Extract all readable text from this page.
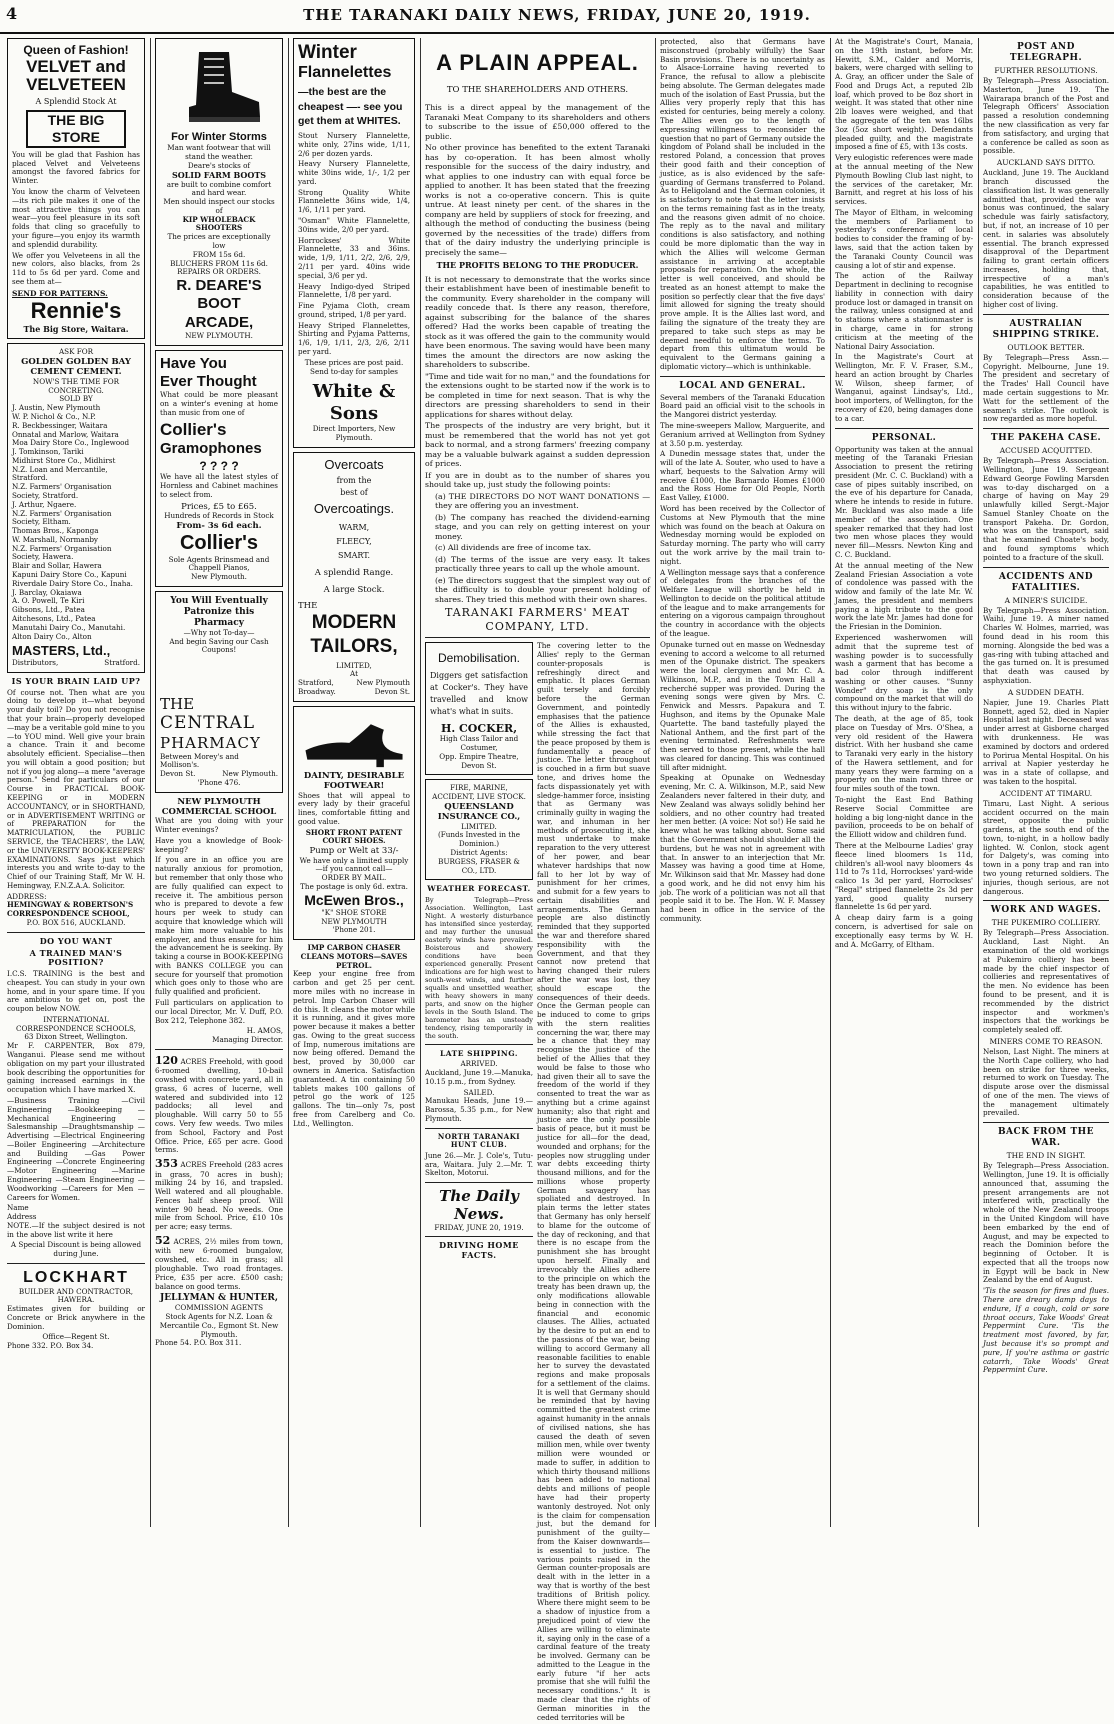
4	THE TARANAKI DAILY NEWS, FRIDAY, JUNE 20, 1919.
Queen of Fashion!
VELVET and
VELVETEEN
A Splendid Stock At
THE BIG STORE

You will be glad that Fashion has placed Velvet and Velveteens amongst the favored fabrics for Winter.

You know the charm of Velveteen—its rich pile makes it one of the most attractive things you can wear—you feel pleasure in its soft folds that cling so gracefully to your figure—you enjoy its warmth and splendid durability.

We offer you Velveteens in all the new colors, also blacks, from 2s 11d to 5s 6d per yard. Come and see them at—

SEND FOR PATTERNS.
Rennie's
The Big Store, Waitara.
ASK FOR
GOLDEN GOLDEN BAY CEMENT CEMENT.
NOW'S THE TIME FOR CONCRETING.
SOLD BY
J. Austin, New Plymouth
W. P. Nichol & Co., N.P.
R. Beckbessinger, Waitara
Onnatal and Marlow, Waitara
Moa Dairy Store Co., Inglewood
J. Tomkinson, Tariki
Midhirst Store Co., Midhirst
N.Z. Loan and Mercantile, Stratford.
N.Z. Farmers' Organisation Society, Stratford.
J. Arthur, Ngaere.
N.Z. Farmers' Organisation Society, Eltham.
Thomas Bros., Kaponga
W. Marshall, Normanby
N.Z. Farmers' Organisation Society, Hawera.
Blair and Sollar, Hawera
Kapuni Dairy Store Co., Kapuni
Riverdale Dairy Store Co., Inaha.
J. Barclay, Okaiawa
A. O. Powell, Te Kiri
Gibsons, Ltd., Patea
Aitchesons, Ltd., Patea
Manutahi Dairy Co., Manutahi.
Alton Dairy Co., Alton
MASTERS, Ltd.,
Distributors,	Stratford.
IS YOUR BRAIN LAID UP?

Of course not. Then what are you doing to develop it—what beyond your daily toil? Do you not recognise that your brain—properly developed—may be a veritable gold mine to you—to YOU mind. Well give your brain a chance. Train it and become absolutely efficient. Specialise—then you will obtain a good position; but not if you jog along—a mere "average person." Send for particulars of our Course in PRACTICAL BOOK-KEEPING or in MODERN ACCOUNTANCY, or in SHORTHAND, or in ADVERTISEMENT WRITING or of PREPARATION for the MATRICULATION, the PUBLIC SERVICE, the TEACHERS', the LAW, or the UNIVERSITY BOOK-KEEPERS' EXAMINATIONS. Says just which interests you and write to-day to the Chief of our Training Staff, Mr W. H. Hemingway, F.N.Z.A.A. Solicitor.

ADDRESS:
HEMINGWAY & ROBERTSON'S
CORRESPONDENCE SCHOOL,
P.O. BOX 516, AUCKLAND.
DO YOU WANT
A TRAINED MAN'S POSITION?

I.C.S. TRAINING is the best and cheapest. You can study in your own home, and in your spare time. If you are ambitious to get on, post the coupon below NOW.

INTERNATIONAL CORRESPONDENCE SCHOOLS,
63 Dixon Street, Wellington.

Mr F. CARPENTER, Box 879, Wanganui. Please send me without obligation on my part your illustrated book describing the opportunities for gaining increased earnings in the occupation which I have marked X.

—Business Training —Civil Engineering —Bookkeeping —Mechanical Engineering —Salesmanship —Draughtsmanship —Advertising —Electrical Engineering —Boiler Engineering —Architecture and Building —Gas Power Engineering —Concrete Engineering —Motor Engineering —Marine Engineering —Steam Engineering —Woodworking —Careers for Men —Careers for Women.

Name
Address

NOTE.—If the subject desired is not in the above list write it here

A Special Discount is being allowed during June.
LOCKHART
BUILDER AND CONTRACTOR,
HAWERA.

Estimates given for building or Concrete or Brick anywhere in the Dominion.

Office—Regent St.
Phone 332. P.O. Box 34.
For Winter Storms
Man want footwear that will stand the weather.
Deare's stocks of
SOLID FARM BOOTS
are built to combine comfort and hard wear.
Men should inspect our stocks of
KIP WHOLEBACK SHOOTERS
The prices are exceptionally low
FROM 15s 6d.
BLUCHERS FROM 11s 6d.
REPAIRS OR ORDERS.
R. DEARE'S
BOOT
ARCADE,
NEW PLYMOUTH.
Have You
Ever Thought

What could be more pleasant on a winter's evening at home than music from one of

Collier's
Gramophones
? ? ? ?

We have all the latest styles of Hornless and Cabinet machines to select from.

Prices, £5 to £65.
Hundreds of Records in Stock
From- 3s 6d each.
Collier's
Sole Agents Brinsmead and Chappell Pianos,
New Plymouth.
You Will Eventually
Patronize this Pharmacy
—Why not To-day—
And begin Saving our Cash Coupons!
THE
CENTRAL
PHARMACY
Between Morey's and Mollison's.
Devon St.	New Plymouth.
'Phone 476.
NEW PLYMOUTH COMMERCIAL SCHOOL

What are you doing with your Winter evenings?

Have you a knowledge of Book-keeping?

If you are in an office you are naturally anxious for promotion, but remember that only those who are fully qualified can expect to receive it. The ambitious person who is prepared to devote a few hours per week to study can acquire that knowledge which will make him more valuable to his employer, and thus ensure for him the advancement he is seeking. By taking a course in BOOK-KEEPING with BANKS COLLEGE you can secure for yourself that promotion which goes only to those who are fully qualified and proficient.

Full particulars on application to our local Director, Mr. V. Duff, P.O. Box 212, Telephone 382.

H. AMOS,
Managing Director.

120 ACRES Freehold, with good 6-roomed dwelling, 10-bail cowshed with concrete yard, all in grass, 6 acres of lucerne, well watered and subdivided into 12 paddocks; all level and ploughable. Will carry 50 to 55 cows. Very few weeds. Two miles from School, Factory and Post Office. Price, £65 per acre. Good terms.

353 ACRES Freehold (283 acres in grass, 70 acres in bush); milking 24 by 16, and trapsled. Well watered and all ploughable. Fences half sheep proof. Will winter 90 head. No weeds. One mile from School. Price, £10 10s per acre; easy terms.

52 ACRES, 2½ miles from town, with new 6-roomed bungalow, cowshed, etc. All in grass; all ploughable. Two road frontages. Price, £35 per acre. £500 cash; balance on good terms.

JELLYMAN & HUNTER,
COMMISSION AGENTS
Stock Agents for N.Z. Loan & Mercantile Co., Egmont St. New Plymouth.
Phone 54. P.O. Box 311.
Winter
Flannelettes
—the best are the cheapest —- see you get them at WHITES.

Stout Nursery Flannelette, white only, 27ins wide, 1/11, 2/6 per dozen yards.

Heavy Nursery Flannelette, white 30ins wide, 1/-, 1/2 per yard.

Strong Quality White Flannelette 36ins wide, 1/4, 1/6, 1/11 per yard.

"Osman" White Flannelette, 30ins wide, 2/0 per yard.

Horrockses' White Flannelette, 33 and 36ins. wide, 1/9, 1/11, 2/2, 2/6, 2/9, 2/11 per yard. 40ins wide special, 3/6 per yd.

Heavy Indigo-dyed Striped Flannelette, 1/8 per yard.

Fine Pyjama Cloth, cream ground, striped, 1/8 per yard.

Heavy Striped Flannelettes, Shirting and Pyjama Patterns, 1/6, 1/9, 1/11, 2/3, 2/6, 2/11 per yard.

These prices are post paid.
Send to-day for samples
White & Sons
Direct Importers, New Plymouth.
Overcoats
from the
best of
Overcoatings.
WARM,
FLEECY,
SMART.
A splendid Range.
A large Stock.
THE
MODERN
TAILORS,
LIMITED,
At
Stratford,	New Plymouth
Broadway.	Devon St.
DAINTY, DESIRABLE FOOTWEAR!

Shoes that will appeal to every lady by their graceful lines, comfortable fitting and good value.

SHORT FRONT PATENT COURT SHOES.
Pump or Welt at 33/-
We have only a limited supply—if you cannot call—
ORDER BY MAIL.
The postage is only 6d. extra.
McEwen Bros.,
"K" SHOE STORE
NEW PLYMOUTH
'Phone 201.
IMP CARBON CHASER CLEANS MOTORS—SAVES PETROL.

Keep your engine free from carbon and get 25 per cent. more miles with no increase in petrol. Imp Carbon Chaser will do this. It cleans the motor while it is running, and it gives more power because it makes a better gas. Owing to the great success of Imp, numerous imitations are now being offered. Demand the best, proved by 30,000 car owners in America. Satisfaction guaranteed. A tin containing 50 tablets makes 100 gallons of petrol go the work of 125 gallons. The tin—only 7s, post free from Carelberg and Co. Ltd., Wellington.

A PLAIN APPEAL.
TO THE SHAREHOLDERS AND OTHERS.

This is a direct appeal by the management of the Taranaki Meat Company to its shareholders and others to subscribe to the issue of £50,000 offered to the public.

No other province has benefited to the extent Taranaki has by co-operation. It has been almost wholly responsible for the success of the dairy industry, and what applies to one industry can with equal force be applied to another. It has been stated that the freezing works is not a co-operative concern. This is quite untrue. At least ninety per cent. of the shares in the company are held by suppliers of stock for freezing, and although the method of conducting the business (being governed by the necessities of the trade) differs from that of the dairy industry the underlying principle is precisely the same—

THE PROFITS BELONG TO THE PRODUCER.

It is not necessary to demonstrate that the works since their establishment have been of inestimable benefit to the community. Every shareholder in the company will readily concede that. Is there any reason, therefore, against subscribing for the balance of the shares offered? Had the works been capable of treating the stock as it was offered the gain to the community would have been enormous. The saving would have been many times the amount the directors are now asking the shareholders to subscribe.

"Time and tide wait for no man," and the foundations for the extensions ought to be started now if the work is to be completed in time for next season. That is why the directors are pressing shareholders to send in their applications for shares without delay.

The prospects of the industry are very bright, but it must be remembered that the world has not yet got back to normal, and a strong farmers' freezing company may be a valuable bulwark against a sudden depression of prices.

If you are in doubt as to the number of shares you should take up, just study the following points:

(a) THE DIRECTORS DO NOT WANT DONATIONS —they are offering you an investment.

(b) The company has reached the dividend-earning stage, and you can rely on getting interest on your money.

(c) All dividends are free of income tax.

(d) The terms of the issue are very easy. It takes practically three years to call up the whole amount.

(e) The directors suggest that the simplest way out of the difficulty is to double your present holding of shares. They tried this method with their own shares.

TARANAKI FARMERS' MEAT
COMPANY, LTD.
Demobilisation.

Diggers get satisfaction at Cocker's. They have travelled and know what's what in suits.

H. COCKER,
High Class Tailor and Costumer,
Opp. Empire Theatre, Devon St.
FIRE, MARINE, ACCIDENT, LIVE STOCK.
QUEENSLAND INSURANCE CO.,
LIMITED.
(Funds Invested in the Dominion.)
District Agents:
BURGESS, FRASER & CO., LTD.
WEATHER FORECAST.

By Telegraph—Press Association. Wellington, Last Night. A westerly disturbance has intensified since yesterday, and may further the unusual easterly winds have prevailed. Boisterous and showery conditions have been experienced generally. Present indications are for high west to south-west winds, and further squalls and unsettled weather, with heavy showers in many parts, and snow on the higher levels in the South Island. The barometer has an unsteady tendency, rising temporarily in the south.

LATE SHIPPING.
ARRIVED.

Auckland, June 19.—Manuka, 10.15 p.m., from Sydney.

SAILED.

Manukau Heads, June 19.—Barossa, 5.35 p.m., for New Plymouth.

NORTH TARANAKI HUNT CLUB.

June 26.—Mr. J. Cole's, Tutu-ara, Waitara. July 2.—Mr. T. Skelton, Motorui.

The Daily News.
FRIDAY, JUNE 20, 1919.
DRIVING HOME FACTS.

The covering letter to the Allies' reply to the German counter-proposals is refreshingly direct and emphatic. It places German guilt tersely and forcibly before the German Government, and pointedly emphasises that the patience of the Allies is exhausted, while stressing the fact that the peace proposed by them is fundamentally a peace of justice. The letter throughout is couched in a firm but suave tone, and drives home the facts dispassionately yet with sledge-hammer force, insisting that as Germany was criminally guilty in waging the war, and inhuman in her methods of prosecuting it, she must undertake to make reparation to the very utterest of her power, and bear whatever hardships that now fall to her lot by way of punishment for her crimes, and submit for a few years to certain disabilities and arrangements. The German people are also distinctly reminded that they supported the war and therefore shared responsibility with the Government, and that they cannot now pretend that having changed their rulers after the war was lost, they should escape the consequences of their deeds. Once the German people can be induced to come to grips with the stern realities concerning the war, there may be a chance that they may recognise the justice of the belief of the Allies that they would be false to those who had given their all to save the freedom of the world if they consented to treat the war as anything but a crime against humanity; also that right and justice are the only possible basis of peace, but it must be justice for all—for the dead, wounded and orphans; for the peoples now struggling under war debts exceeding thirty thousand millions, and for the millions whose property German savagery has spoliated and destroyed. In plain terms the letter states that Germany has only herself to blame for the outcome of the day of reckoning, and that there is no escape from the punishment she has brought upon herself. Finally and irrevocably the Allies adhere to the principle on which the treaty has been drawn up, the only modifications allowable being in connection with the financial and economic clauses. The Allies, actuated by the desire to put an end to the passions of the war, being willing to accord Germany all reasonable facilities to enable her to survey the devastated regions and make proposals for a settlement of the claims. It is well that Germany should be reminded that by having committed the greatest crime against humanity in the annals of civilised nations, she has caused the death of seven million men, while over twenty million were wounded or made to suffer, in addition to which thirty thousand millions has been added to national debts and millions of people have had their property wantonly destroyed. Not only is the claim for compensation just, but the demand for punishment of the guilty—from the Kaiser downwards—is essential to justice. The various points raised in the German counter-proposals are dealt with in the letter in a way that is worthy of the best traditions of British policy. Where there might seem to be a shadow of injustice from a prejudiced point of view the Allies are willing to eliminate it, saying only in the case of a cardinal feature of the treaty be involved. Germany can be admitted to the League in the early future "if her acts promise that she will fulfil the necessary conditions." It is made clear that the rights of German minorities in the ceded territories will be

protected, also that Germans have misconstrued (probably wilfully) the Saar Basin provisions. There is no uncertainty as to Alsace-Lorraine having reverted to France, the refusal to allow a plebiscite being absolute. The German delegates made much of the isolation of East Prussia, but the Allies very properly reply that this has existed for centuries, being merely a colony. The Allies even go to the length of expressing willingness to reconsider the question that no part of Germany outside the kingdom of Poland shall be included in the restored Poland, a concession that proves their good faith and their conception of justice, as is also evidenced by the safe-guarding of Germans transferred to Poland. As to Heligoland and the German colonies, it is satisfactory to note that the letter insists on the terms remaining fast as in the treaty, and the reasons given admit of no choice. The reply as to the naval and military conditions is also satisfactory, and nothing could be more diplomatic than the way in which the Allies will welcome German assistance in arriving at acceptable proposals for reparation. On the whole, the letter is well conceived, and should be treated as an honest attempt to make the position so perfectly clear that the five days' limit allowed for signing the treaty should prove ample. It is the Allies last word, and failing the signature of the treaty they are prepared to take such steps as may be deemed needful to enforce the terms. To depart from this ultimatum would be equivalent to the Germans gaining a diplomatic victory—which is unthinkable.

LOCAL AND GENERAL.

Several members of the Taranaki Education Board paid an official visit to the schools in the Mangorei district yesterday.

The mine-sweepers Mallow, Marguerite, and Geranium arrived at Wellington from Sydney at 3.50 p.m. yesterday.

A Dunedin message states that, under the will of the late A. Souter, who used to have a wharf, bequests to the Salvation Army will receive £1000, the Barnardo Homes £1000 and the Ross Home for Old People, North East Valley, £1000.

Word has been received by the Collector of Customs at New Plymouth that the mine which was found on the beach at Oakura on Wednesday morning would be exploded on Saturday morning. The party who will carry out the work arrive by the mail train to-night.

A Wellington message says that a conference of delegates from the branches of the Welfare League will shortly be held in Wellington to decide on the political attitude of the league and to make arrangements for entering on a vigorous campaign throughout the country in accordance with the objects of the league.

Opunake turned out en masse on Wednesday evening to accord a welcome to all returned men of the Opunake district. The speakers were the local clergymen and Mr. C. A. Wilkinson, M.P., and in the Town Hall a recherché supper was provided. During the evening songs were given by Mrs. C. Fenwick and Messrs. Papakura and T. Hughson, and items by the Opunake Male Quartette. The band tastefully played the National Anthem, and the first part of the evening terminated. Refreshments were then served to those present, while the hall was cleared for dancing. This was continued till after midnight.

Speaking at Opunake on Wednesday evening, Mr. C. A. Wilkinson, M.P., said New Zealanders never faltered in their duty, and New Zealand was always solidly behind her soldiers, and no other country had treated her men better. (A voice: Not so!) He said he knew what he was talking about. Some said that the Government should shoulder all the burdens, but he was not in agreement with that. In answer to an interjection that Mr. Massey was having a good time at Home, Mr. Wilkinson said that Mr. Massey had done a good work, and he did not envy him his job. The work of a politician was not all that people said it to be. The Hon. W. F. Massey had been in office in the service of the community.

At the Magistrate's Court, Manaia, on the 19th instant, before Mr. Hewitt, S.M., Calder and Morris, bakers, were charged with selling to A. Gray, an officer under the Sale of Food and Drugs Act, a reputed 2lb loaf, which proved to be 8oz short in weight. It was stated that other nine 2lb loaves were weighed, and that the aggregate of the ten was 16lbs 3oz (5oz short weight). Defendants pleaded guilty, and the magistrate imposed a fine of £5, with 13s costs.

Very eulogistic references were made at the annual meeting of the New Plymouth Bowling Club last night, to the services of the caretaker, Mr. Barnitt, and regret at his loss of his services.

The Mayor of Eltham, in welcoming the members of Parliament to yesterday's conference of local bodies to consider the framing of by-laws, said that the action taken by the Taranaki County Council was causing a lot of stir and expense.

The action of the Railway Department in declining to recognise liability in connection with dairy produce lost or damaged in transit on the railway, unless consigned at and to stations where a stationmaster is in charge, came in for strong criticism at the meeting of the National Dairy Association.

In the Magistrate's Court at Wellington, Mr. F. V. Fraser, S.M., heard an action brought by Charles W. Wilson, sheep farmer, of Wanganui, against Lindsay's, Ltd., boot importers, of Wellington, for the recovery of £20, being damages done to a car.

PERSONAL.

Opportunity was taken at the annual meeting of the Taranaki Friesian Association to present the retiring president (Mr. C. C. Buckland) with a case of pipes suitably inscribed, on the eve of his departure for Canada, where he intends to reside in future. Mr. Buckland was also made a life member of the association. One speaker remarked that they had lost two men whose places they would never fill—Messrs. Newton King and C. C. Buckland.

At the annual meeting of the New Zealand Friesian Association a vote of condolence was passed with the widow and family of the late Mr. W. James, the president and members paying a high tribute to the good work the late Mr. James had done for the Friesian in the Dominion.

Experienced washerwomen will admit that the supreme test of washing powder is to successfully wash a garment that has become a bad color through indifferent washing or other causes. "Sunny Wonder" dry soap is the only compound on the market that will do this without injury to the fabric.

The death, at the age of 85, took place on Tuesday of Mrs. O'Shea, a very old resident of the Hawera district. With her husband she came to Taranaki very early in the history of the Hawera settlement, and for many years they were farming on a property on the main road three or four miles south of the town.

To-night the East End Bathing Reserve Social Committee are holding a big long-night dance in the pavilion, proceeds to be on behalf of the Elliott widow and children fund.

There at the Melbourne Ladies' gray fleece lined bloomers 1s 11d, children's all-wool navy bloomers 4s 11d to 7s 11d, Horrockses' yard-wide calico 1s 3d per yard, Horrockses' "Regal" striped flannelette 2s 3d per yard, good quality nursery flannelette 1s 6d per yard.

A cheap dairy farm is a going concern, is advertised for sale on exceptionally easy terms by W. H. and A. McGarry, of Eltham.

POST AND TELEGRAPH.
FURTHER RESOLUTIONS.

By Telegraph—Press Association. Masterton, June 19. The Wairarapa branch of the Post and Telegraph Officers' Association passed a resolution condemning the new classification as very far from satisfactory, and urging that a conference be called as soon as possible.

AUCKLAND SAYS DITTO.

Auckland, June 19. The Auckland branch discussed the classification list. It was generally admitted that, provided the war bonus was continued, the salary schedule was fairly satisfactory, but, if not, an increase of 10 per cent. in salaries was absolutely essential. The branch expressed disapproval of the Department failing to grant certain officers increases, holding that, irrespective of a man's capabilities, he was entitled to consideration because of the higher cost of living.

AUSTRALIAN SHIPPING STRIKE.
OUTLOOK BETTER.

By Telegraph—Press Assn.—Copyright. Melbourne, June 19. The president and secretary of the Trades' Hall Council have made certain suggestions to Mr. Watt for the settlement of the seamen's strike. The outlook is now regarded as more hopeful.

THE PAKEHA CASE.
ACCUSED ACQUITTED.

By Telegraph—Press Association. Wellington, June 19. Sergeant Edward George Fowling Marsden was to-day discharged on a charge of having on May 29 unlawfully killed Sergt.-Major Samuel Stanley Choate on the transport Pakeha. Dr. Gordon, who was on the transport, said that he examined Choate's body, and found symptoms which pointed to a fracture of the skull.

ACCIDENTS AND FATALITIES.
A MINER'S SUICIDE.

By Telegraph—Press Association. Waihi, June 19. A miner named Charles W. Holmes, married, was found dead in his room this morning. Alongside the bed was a gas-ring with tubing attached and the gas turned on. It is presumed that death was caused by asphyxiation.

A SUDDEN DEATH.

Napier, June 19. Charles Platt Bonnett, aged 52, died in Napier Hospital last night. Deceased was under arrest at Gisborne charged with drunkenness. He was examined by doctors and ordered to Porirua Mental Hospital. On his arrival at Napier yesterday he was in a state of collapse, and was taken to the hospital.

ACCIDENT AT TIMARU.

Timaru, Last Night. A serious accident occurred on the main street, opposite the public gardens, at the south end of the town, to-night, in a hollow badly lighted. W. Conlon, stock agent for Dalgety's, was coming into town in a pony trap and ran into two young returned soldiers. The injuries, though serious, are not dangerous.

WORK AND WAGES.
THE PUKEMIRO COLLIERY.

By Telegraph—Press Association. Auckland, Last Night. An examination of the old workings at Pukemiro colliery has been made by the chief inspector of collieries and representatives of the men. No evidence has been found to be present, and it is recommended by the district inspector and workmen's inspectors that the workings be completely sealed off.

MINERS COME TO REASON.

Nelson, Last Night. The miners at the North Cape colliery, who had been on strike for three weeks, returned to work on Tuesday. The dispute arose over the dismissal of one of the men. The views of the management ultimately prevailed.

BACK FROM THE WAR.
THE END IN SIGHT.

By Telegraph—Press Association. Wellington, June 19. It is officially announced that, assuming the present arrangements are not interfered with, practically the whole of the New Zealand troops in the United Kingdom will have been embarked by the end of August, and may be expected to reach the Dominion before the beginning of October. It is expected that all the troops now in Egypt will be back in New Zealand by the end of August.

'Tis the season for fires and flues. There are dreary damp days to endure, If a cough, cold or sore throat occurs, Take Woods' Great Peppermint Cure. 'Tis the treatment most favored, by far, Just because it's so prompt and pure, If you're asthma or gastric catarrh, Take Woods' Great Peppermint Cure.
